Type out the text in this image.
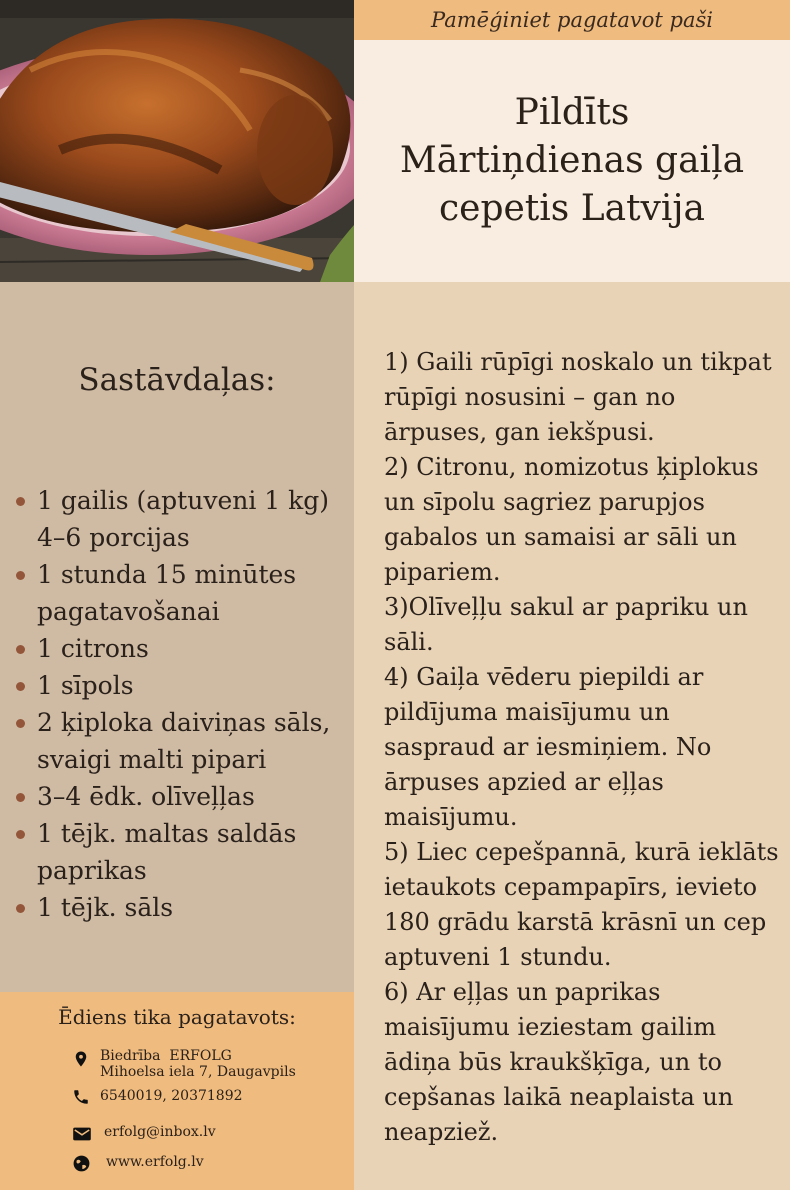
Pamēģiniet pagatavot paši
Pildīts Mārtiņdienas gaiļa cepetis Latvija
Sastāvdaļas:
1 gailis (aptuveni 1 kg) 4–6 porcijas
1 stunda 15 minūtes pagatavošanai
1 citrons
1 sīpols
2 ķiploka daiviņas sāls, svaigi malti pipari
3–4 ēdk. olīveļļas
1 tējk. maltas saldās paprikas
1 tējk. sāls
Ēdiens tika pagatavots:
Biedrība  ERFOLG
Mihoelsa iela 7, Daugavpils
6540019, 20371892
erfolg@inbox.lv
www.erfolg.lv

1) Gaili rūpīgi noskalo un tikpat rūpīgi nosusini – gan no ārpuses, gan iekšpusi.

2) Citronu, nomizotus ķiplokus un sīpolu sagriez parupjos gabalos un samaisi ar sāli un pipariem.

3)Olīveļļu sakul ar papriku un sāli.

4) Gaiļa vēderu piepildi ar pildījuma maisījumu un saspraud ar iesmiņiem. No ārpuses apzied ar eļļas maisījumu.

5) Liec cepešpannā, kurā ieklāts ietaukots cepampapīrs, ievieto 180 grādu karstā krāsnī un cep aptuveni 1 stundu.

6) Ar eļļas un paprikas maisījumu ieziestam gailim ādiņa būs kraukšķīga, un to cepšanas laikā neaplaista un neapziež.
